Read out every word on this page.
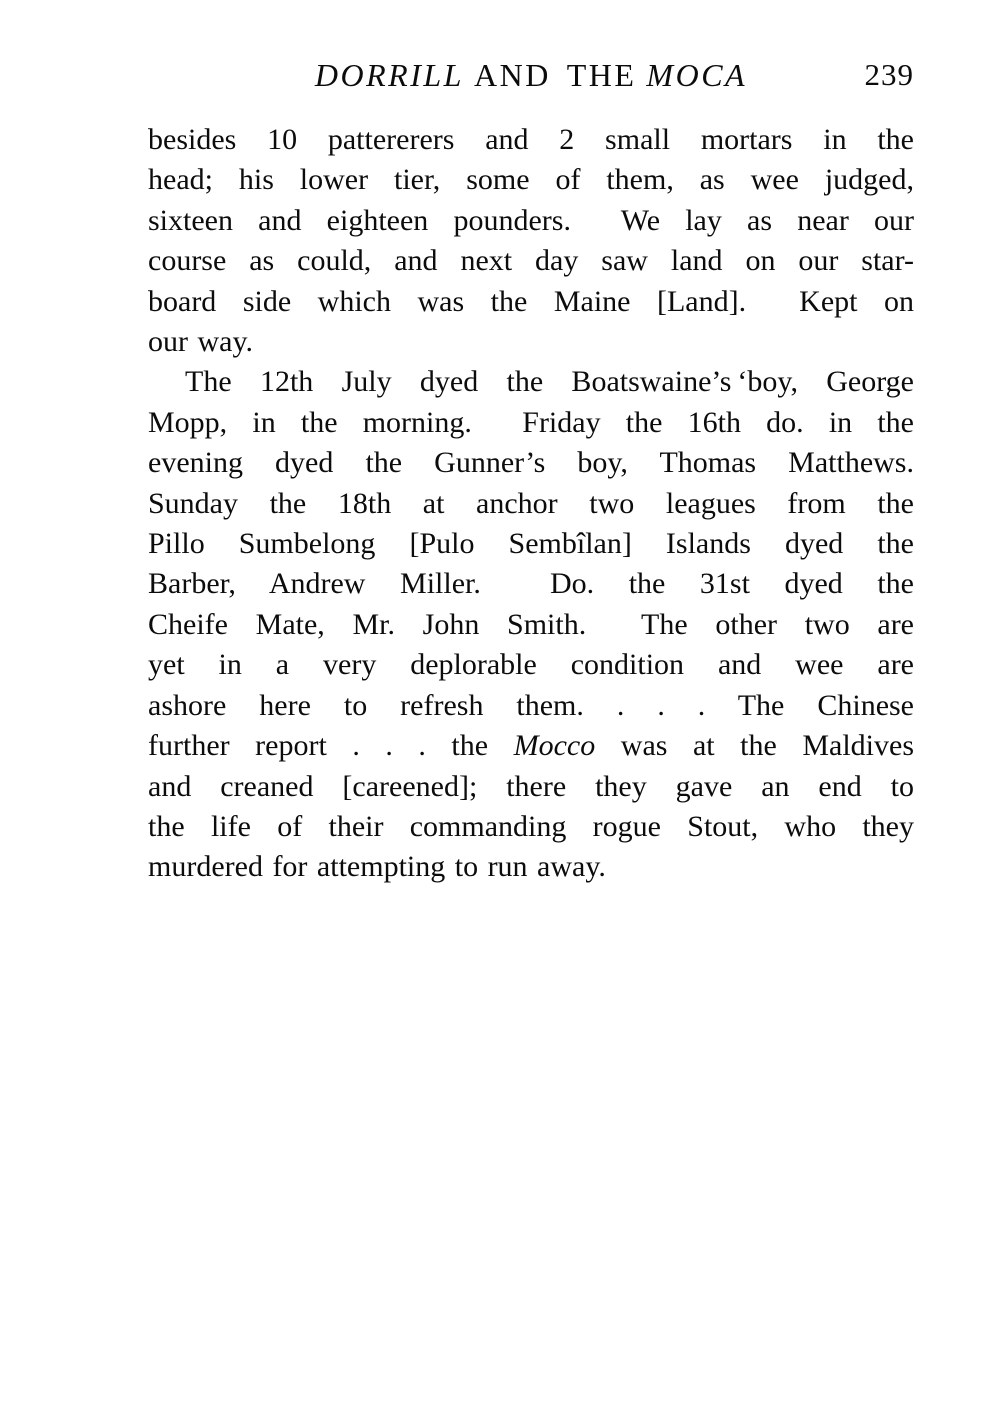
DORRILL AND THE MOCA	239

besides 10 pattererers and 2 small mortars in the
head; his lower tier, some of them, as wee judged,
sixteen and eighteen pounders.  We lay as near our
course as could, and next day saw land on our star-
board side which was the Maine [Land].  Kept on
our way.

The 12th July dyed the Boatswaine’s ‘boy, George
Mopp, in the morning.  Friday the 16th do. in the
evening dyed the Gunner’s boy, Thomas Matthews.
Sunday the 18th at anchor two leagues from the
Pillo Sumbelong [Pulo Sembîlan] Islands dyed the
Barber, Andrew Miller.  Do. the 31st dyed the
Cheife Mate, Mr. John Smith.  The other two are
yet in a very deplorable condition and wee are
ashore here to refresh them. . . . The Chinese
further report . . . the Mocco was at the Maldives
and creaned [careened]; there they gave an end to
the life of their commanding rogue Stout, who they
murdered for attempting to run away.
